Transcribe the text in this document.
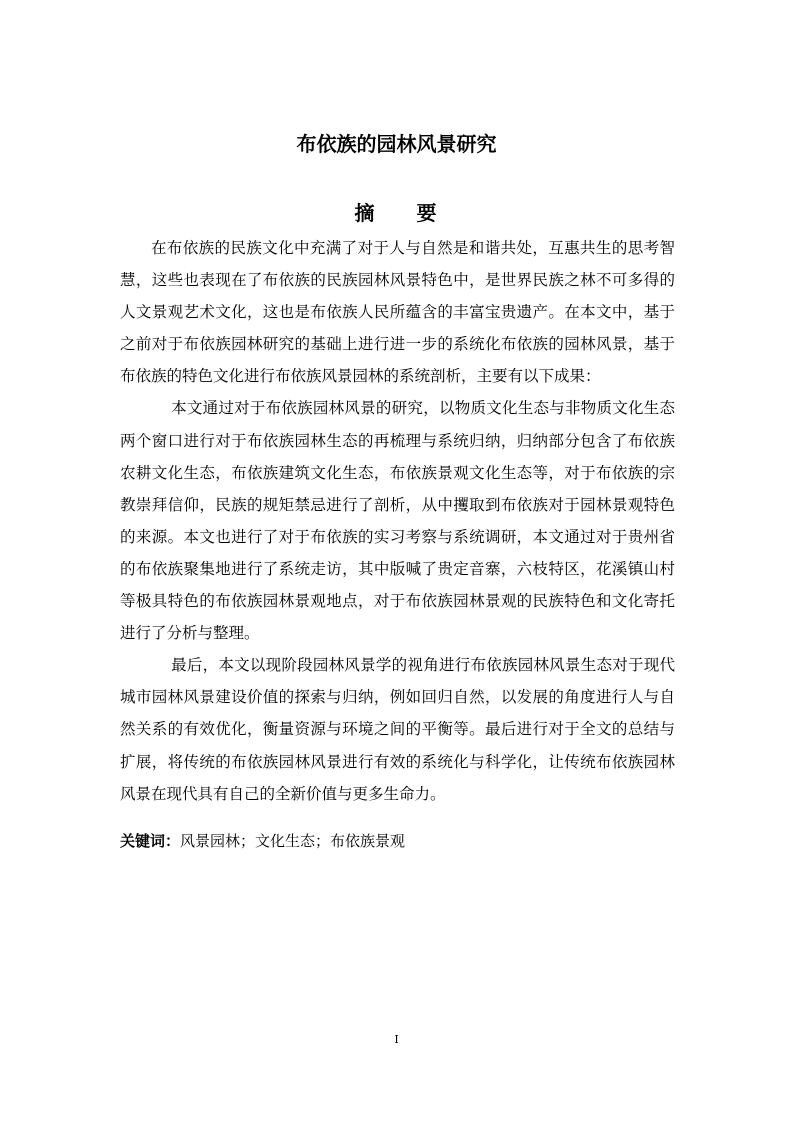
布依族的园林风景研究
摘 要

在布依族的民族文化中充满了对于人与自然是和谐共处，互惠共生的思考智慧，这些也表现在了布依族的民族园林风景特色中，是世界民族之林不可多得的人文景观艺术文化，这也是布依族人民所蕴含的丰富宝贵遗产。在本文中，基于之前对于布依族园林研究的基础上进行进一步的系统化布依族的园林风景，基于布依族的特色文化进行布依族风景园林的系统剖析，主要有以下成果：

本文通过对于布依族园林风景的研究，以物质文化生态与非物质文化生态两个窗口进行对于布依族园林生态的再梳理与系统归纳，归纳部分包含了布依族农耕文化生态，布依族建筑文化生态，布依族景观文化生态等，对于布依族的宗教崇拜信仰，民族的规矩禁忌进行了剖析，从中攫取到布依族对于园林景观特色的来源。本文也进行了对于布依族的实习考察与系统调研，本文通过对于贵州省的布依族聚集地进行了系统走访，其中版喊了贵定音寨，六枝特区，花溪镇山村等极具特色的布依族园林景观地点，对于布依族园林景观的民族特色和文化寄托进行了分析与整理。

最后，本文以现阶段园林风景学的视角进行布依族园林风景生态对于现代城市园林风景建设价值的探索与归纳，例如回归自然，以发展的角度进行人与自然关系的有效优化，衡量资源与环境之间的平衡等。最后进行对于全文的总结与扩展，将传统的布依族园林风景进行有效的系统化与科学化，让传统布依族园林风景在现代具有自己的全新价值与更多生命力。

关键词：风景园林；文化生态；布依族景观

I
